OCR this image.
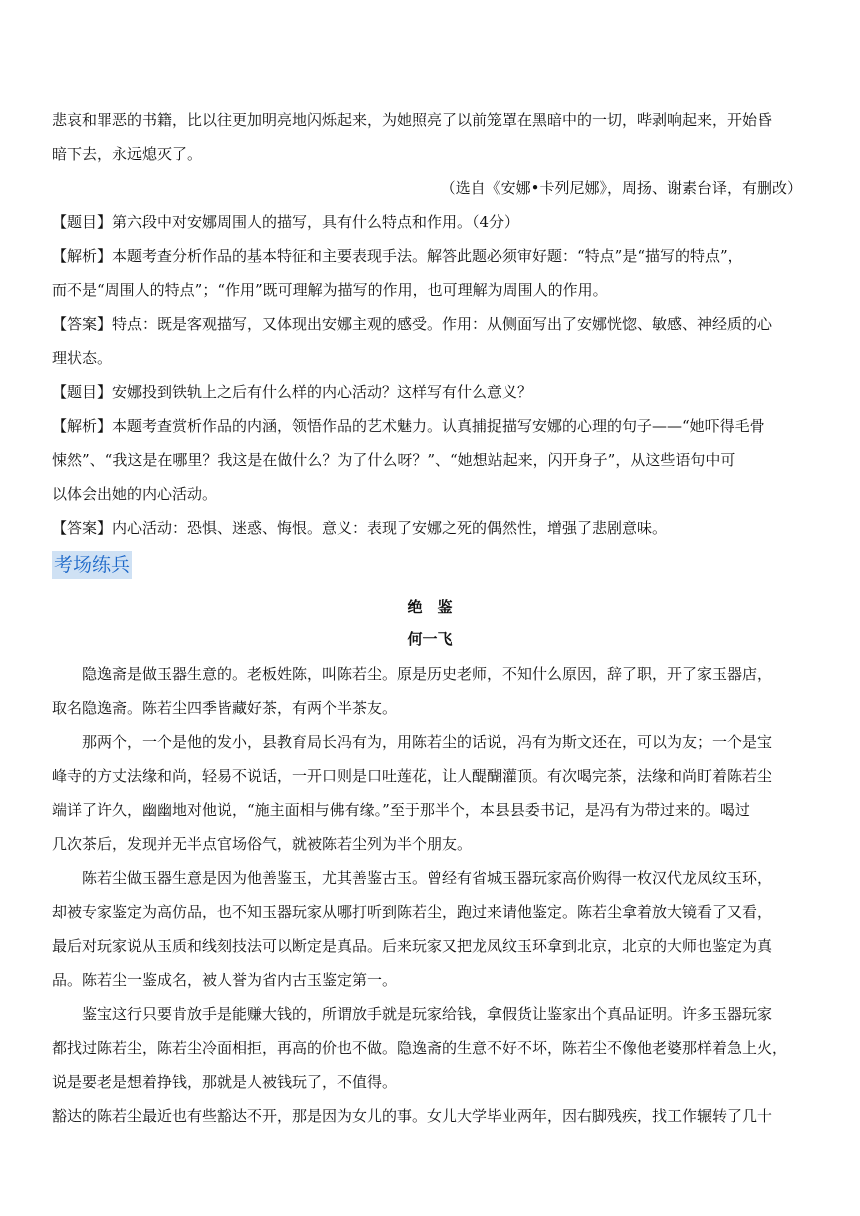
悲哀和罪恶的书籍，比以往更加明亮地闪烁起来，为她照亮了以前笼罩在黑暗中的一切，哔剥响起来，开始昏
暗下去，永远熄灭了。
（选自《安娜•卡列尼娜》，周扬、谢素台译，有删改）
【题目】第六段中对安娜周围人的描写，具有什么特点和作用。（4分）
【解析】本题考查分析作品的基本特征和主要表现手法。解答此题必须审好题：“特点”是“描写的特点”，
而不是“周围人的特点”；“作用”既可理解为描写的作用，也可理解为周围人的作用。
【答案】特点：既是客观描写，又体现出安娜主观的感受。作用：从侧面写出了安娜恍惚、敏感、神经质的心
理状态。
【题目】安娜投到铁轨上之后有什么样的内心活动？这样写有什么意义？
【解析】本题考查赏析作品的内涵，领悟作品的艺术魅力。认真捕捉描写安娜的心理的句子——“她吓得毛骨
悚然”、“我这是在哪里？我这是在做什么？为了什么呀？”、“她想站起来，闪开身子”，从这些语句中可
以体会出她的内心活动。
【答案】内心活动：恐惧、迷惑、悔恨。意义：表现了安娜之死的偶然性，增强了悲剧意味。
考场练兵
绝　鉴
何一飞
　　隐逸斋是做玉器生意的。老板姓陈，叫陈若尘。原是历史老师，不知什么原因，辞了职，开了家玉器店，
取名隐逸斋。陈若尘四季皆藏好茶，有两个半茶友。
　　那两个，一个是他的发小，县教育局长冯有为，用陈若尘的话说，冯有为斯文还在，可以为友；一个是宝
峰寺的方丈法缘和尚，轻易不说话，一开口则是口吐莲花，让人醍醐灌顶。有次喝完茶，法缘和尚盯着陈若尘
端详了许久，幽幽地对他说，“施主面相与佛有缘。”至于那半个，本县县委书记，是冯有为带过来的。喝过
几次茶后，发现并无半点官场俗气，就被陈若尘列为半个朋友。
　　陈若尘做玉器生意是因为他善鉴玉，尤其善鉴古玉。曾经有省城玉器玩家高价购得一枚汉代龙凤纹玉环，
却被专家鉴定为高仿品，也不知玉器玩家从哪打听到陈若尘，跑过来请他鉴定。陈若尘拿着放大镜看了又看，
最后对玩家说从玉质和线刻技法可以断定是真品。后来玩家又把龙凤纹玉环拿到北京，北京的大师也鉴定为真
品。陈若尘一鉴成名，被人誉为省内古玉鉴定第一。
　　鉴宝这行只要肯放手是能赚大钱的，所谓放手就是玩家给钱，拿假货让鉴家出个真品证明。许多玉器玩家
都找过陈若尘，陈若尘冷面相拒，再高的价也不做。隐逸斋的生意不好不坏，陈若尘不像他老婆那样着急上火，
说是要老是想着挣钱，那就是人被钱玩了，不值得。
豁达的陈若尘最近也有些豁达不开，那是因为女儿的事。女儿大学毕业两年，因右脚残疾，找工作辗转了几十
